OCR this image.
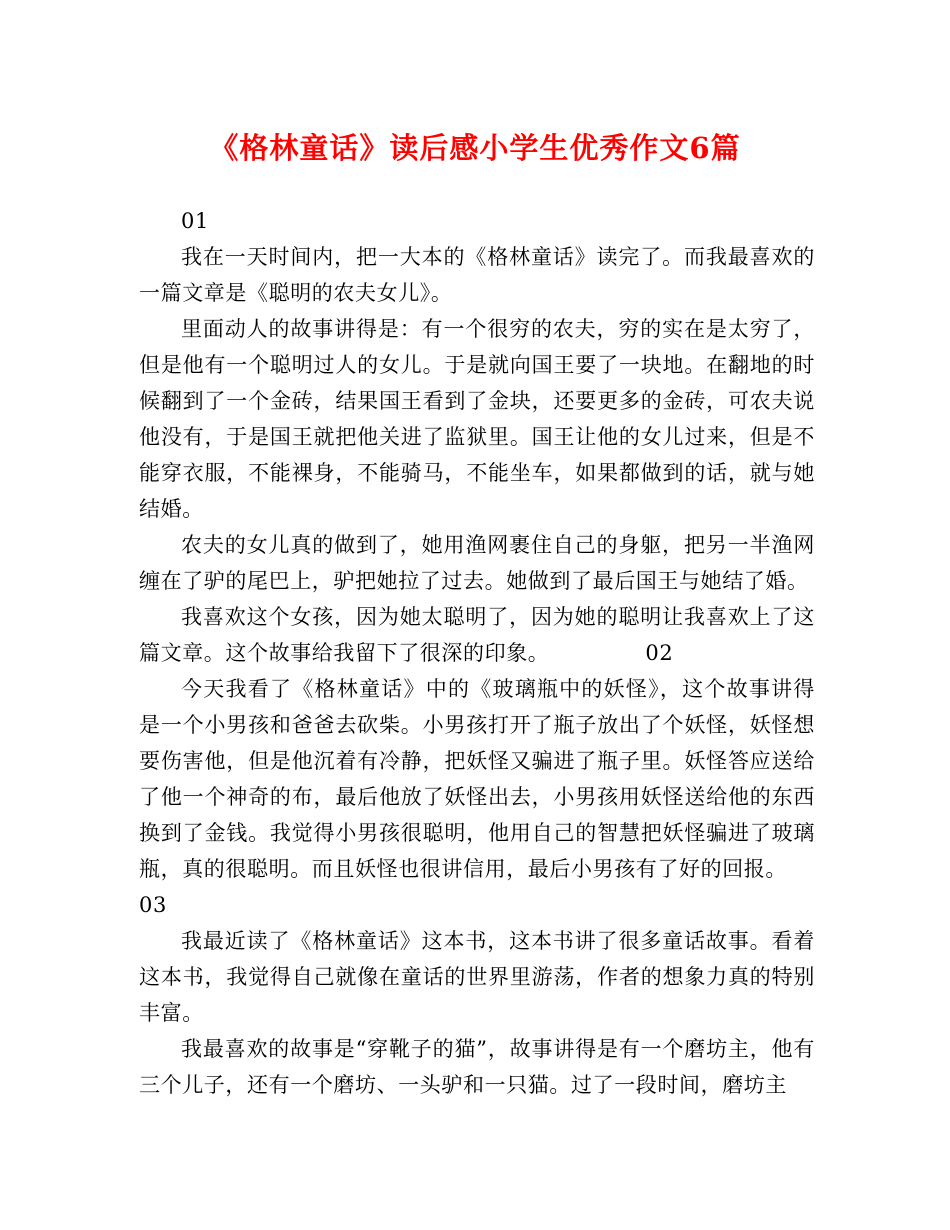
《格林童话》读后感小学生优秀作文6篇

01

我在一天时间内，把一大本的《格林童话》读完了。而我最喜欢的一篇文章是《聪明的农夫女儿》。

里面动人的故事讲得是：有一个很穷的农夫，穷的实在是太穷了，但是他有一个聪明过人的女儿。于是就向国王要了一块地。在翻地的时候翻到了一个金砖，结果国王看到了金块，还要更多的金砖，可农夫说他没有，于是国王就把他关进了监狱里。国王让他的女儿过来，但是不能穿衣服，不能裸身，不能骑马，不能坐车，如果都做到的话，就与她结婚。

农夫的女儿真的做到了，她用渔网裹住自己的身躯，把另一半渔网缠在了驴的尾巴上，驴把她拉了过去。她做到了最后国王与她结了婚。

我喜欢这个女孩，因为她太聪明了，因为她的聪明让我喜欢上了这篇文章。这个故事给我留下了很深的印象。	02

今天我看了《格林童话》中的《玻璃瓶中的妖怪》，这个故事讲得是一个小男孩和爸爸去砍柴。小男孩打开了瓶子放出了个妖怪，妖怪想要伤害他，但是他沉着有冷静，把妖怪又骗进了瓶子里。妖怪答应送给了他一个神奇的布，最后他放了妖怪出去，小男孩用妖怪送给他的东西换到了金钱。我觉得小男孩很聪明，他用自己的智慧把妖怪骗进了玻璃瓶，真的很聪明。而且妖怪也很讲信用，最后小男孩有了好的回报。

03

我最近读了《格林童话》这本书，这本书讲了很多童话故事。看着这本书，我觉得自己就像在童话的世界里游荡，作者的想象力真的特别丰富。

我最喜欢的故事是“穿靴子的猫”，故事讲得是有一个磨坊主，他有三个儿子，还有一个磨坊、一头驴和一只猫。过了一段时间，磨坊主
